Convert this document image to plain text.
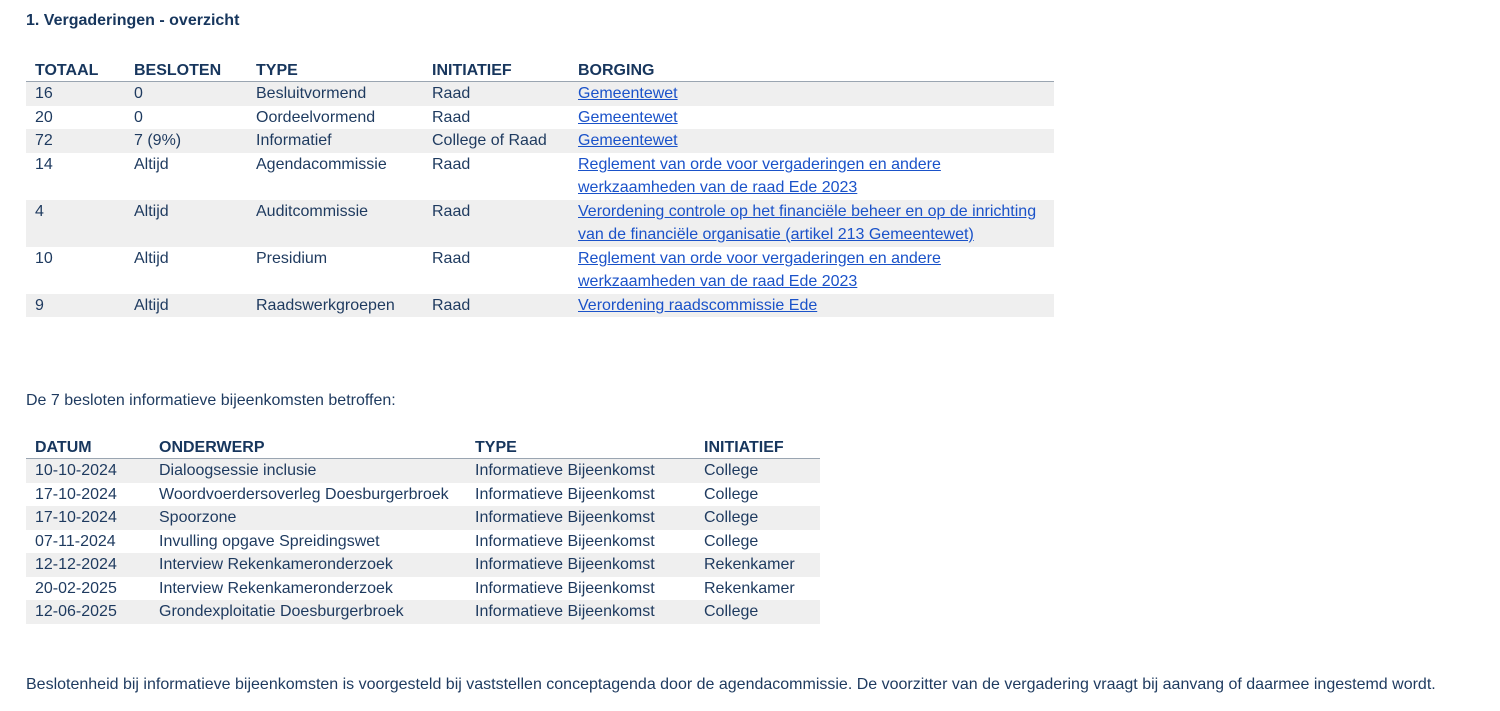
1. Vergaderingen - overzicht
TOTAAL	BESLOTEN	TYPE	INITIATIEF	BORGING
16	0	Besluitvormend	Raad	Gemeentewet
20	0	Oordeelvormend	Raad	Gemeentewet
72	7 (9%)	Informatief	College of Raad	Gemeentewet
14	Altijd	Agendacommissie	Raad	Reglement van orde voor vergaderingen en andere werkzaamheden van de raad Ede 2023
4	Altijd	Auditcommissie	Raad	Verordening controle op het financiële beheer en op de inrichting van de financiële organisatie (artikel 213 Gemeentewet)
10	Altijd	Presidium	Raad	Reglement van orde voor vergaderingen en andere werkzaamheden van de raad Ede 2023
9	Altijd	Raadswerkgroepen	Raad	Verordening raadscommissie Ede

De 7 besloten informatieve bijeenkomsten betroffen:

DATUM	ONDERWERP	TYPE	INITIATIEF
10-10-2024	Dialoogsessie inclusie	Informatieve Bijeenkomst	College
17-10-2024	Woordvoerdersoverleg Doesburgerbroek	Informatieve Bijeenkomst	College
17-10-2024	Spoorzone	Informatieve Bijeenkomst	College
07-11-2024	Invulling opgave Spreidingswet	Informatieve Bijeenkomst	College
12-12-2024	Interview Rekenkameronderzoek	Informatieve Bijeenkomst	Rekenkamer
20-02-2025	Interview Rekenkameronderzoek	Informatieve Bijeenkomst	Rekenkamer
12-06-2025	Grondexploitatie Doesburgerbroek	Informatieve Bijeenkomst	College

Beslotenheid bij informatieve bijeenkomsten is voorgesteld bij vaststellen conceptagenda door de agendacommissie. De voorzitter van de vergadering vraagt bij aanvang of daarmee ingestemd wordt.
